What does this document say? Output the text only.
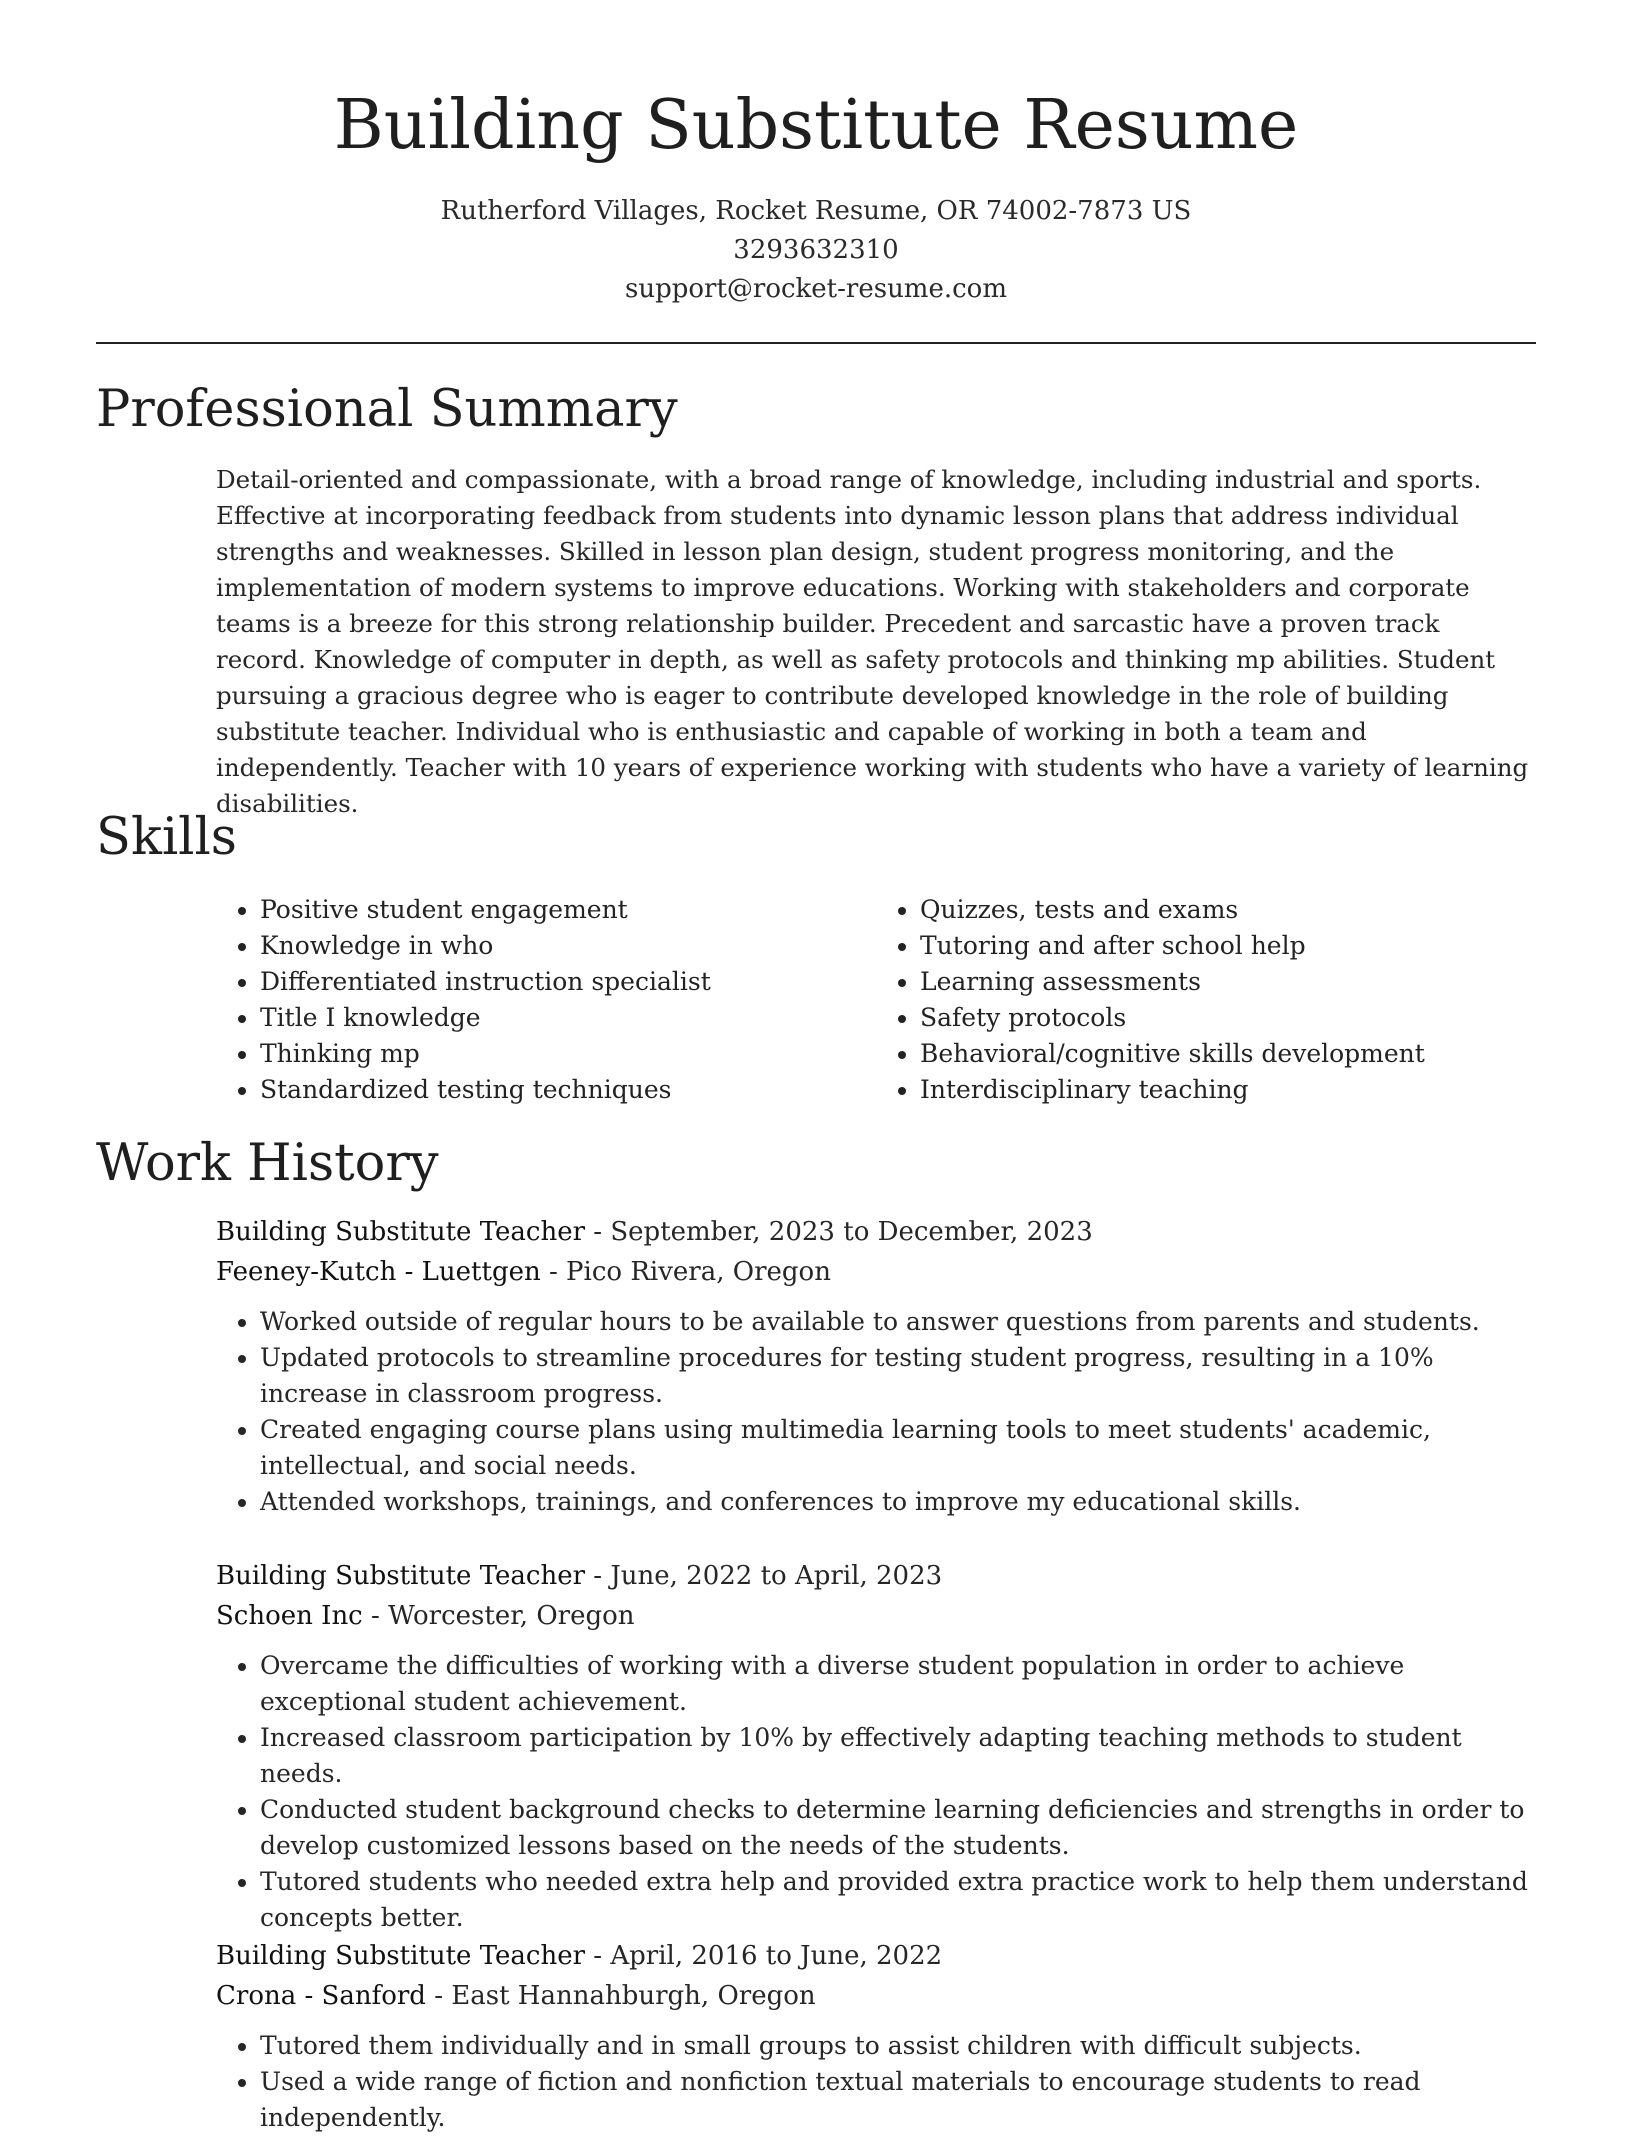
Building Substitute Resume
Rutherford Villages, Rocket Resume, OR 74002-7873 US
3293632310
support@rocket-resume.com
Professional Summary

Detail-oriented and compassionate, with a broad range of knowledge, including industrial and sports. Effective at incorporating feedback from students into dynamic lesson plans that address individual strengths and weaknesses. Skilled in lesson plan design, student progress monitoring, and the implementation of modern systems to improve educations. Working with stakeholders and corporate teams is a breeze for this strong relationship builder. Precedent and sarcastic have a proven track record. Knowledge of computer in depth, as well as safety protocols and thinking mp abilities. Student pursuing a gracious degree who is eager to contribute developed knowledge in the role of building substitute teacher. Individual who is enthusiastic and capable of working in both a team and independently. Teacher with 10 years of experience working with students who have a variety of learning disabilities.

Skills
• Positive student engagement
• Knowledge in who
• Differentiated instruction specialist
• Title I knowledge
• Thinking mp
• Standardized testing techniques
• Quizzes, tests and exams
• Tutoring and after school help
• Learning assessments
• Safety protocols
• Behavioral/cognitive skills development
• Interdisciplinary teaching
Work History

Building Substitute Teacher - September, 2023 to December, 2023

Feeney-Kutch - Luettgen - Pico Rivera, Oregon

• Worked outside of regular hours to be available to answer questions from parents and students.
• Updated protocols to streamline procedures for testing student progress, resulting in a 10% increase in classroom progress.
• Created engaging course plans using multimedia learning tools to meet students' academic, intellectual, and social needs.
• Attended workshops, trainings, and conferences to improve my educational skills.

Building Substitute Teacher - June, 2022 to April, 2023

Schoen Inc - Worcester, Oregon

• Overcame the difficulties of working with a diverse student population in order to achieve exceptional student achievement.
• Increased classroom participation by 10% by effectively adapting teaching methods to student needs.
• Conducted student background checks to determine learning deficiencies and strengths in order to develop customized lessons based on the needs of the students.
• Tutored students who needed extra help and provided extra practice work to help them understand concepts better.

Building Substitute Teacher - April, 2016 to June, 2022

Crona - Sanford - East Hannahburgh, Oregon

• Tutored them individually and in small groups to assist children with difficult subjects.
• Used a wide range of fiction and nonfiction textual materials to encourage students to read independently.
